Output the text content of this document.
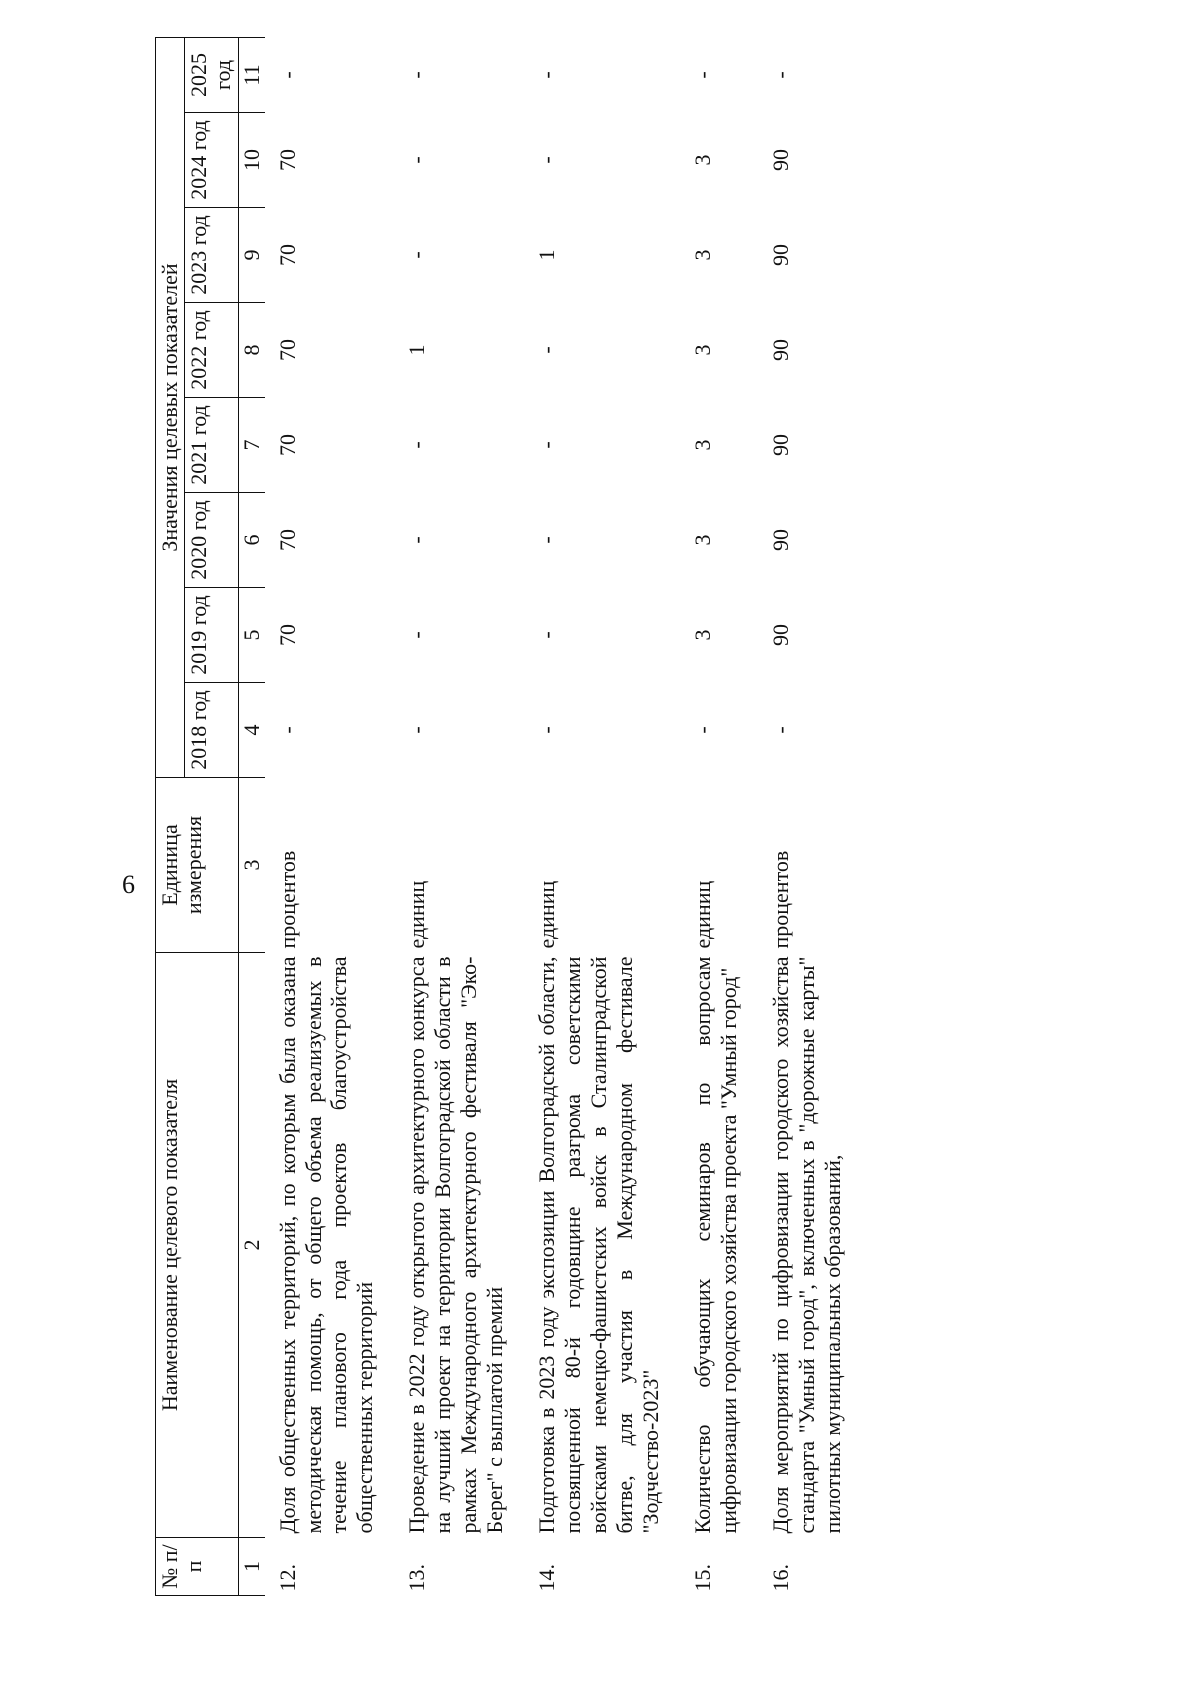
6
№ п/п	Наименование целевого показателя	Единица измерения	Значения целевых показателей							
			2018 год	2019 год	2020 год	2021 год	2022 год	2023 год	2024 год	2025 год
1	2	3	4	5	6	7	8	9	10	11
12.	Доля общественных территорий, по которым была оказана методическая помощь, от общего объема реализуемых в течение планового года проектов благоустройства общественных территорий	процентов	-	70	70	70	70	70	70	-
13.	Проведение в 2022 году открытого архитектурного конкурса на лучший проект на территории Волгоградской области в рамках Международного архитектурного фестиваля "Эко-Берег" с выплатой премий	единиц	-	-	-	-	1	-	-	-
14.	Подготовка в 2023 году экспозиции Волгоградской области, посвященной 80-й годовщине разгрома советскими войсками немецко-фашистских войск в Сталинградской битве, для участия в Международном фестивале "Зодчество-2023"	единиц	-	-	-	-	-	1	-	-
15.	Количество обучающих семинаров по вопросам цифровизации городского хозяйства проекта "Умный город"	единиц	-	3	3	3	3	3	3	-
16.	Доля мероприятий по цифровизации городского хозяйства стандарта "Умный город", включенных в "дорожные карты" пилотных муниципальных образований,	процентов	-	90	90	90	90	90	90	-
